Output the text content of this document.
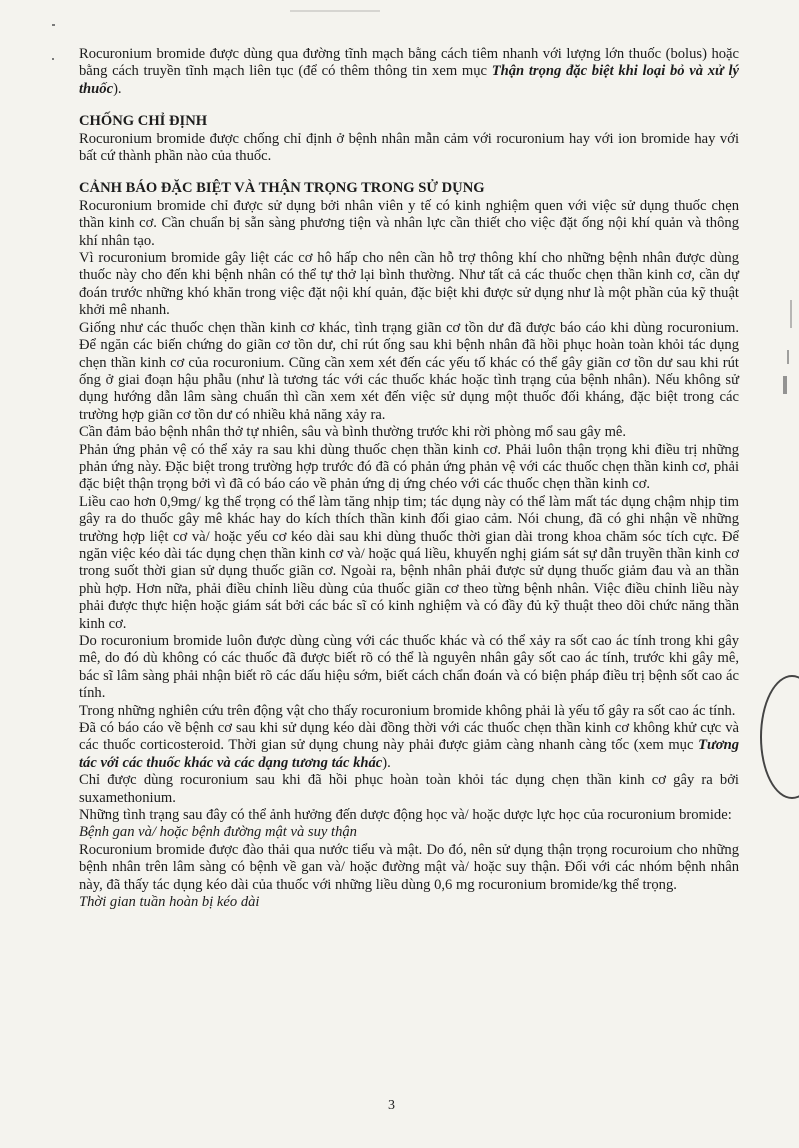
Rocuronium bromide được dùng qua đường tĩnh mạch bằng cách tiêm nhanh với lượng lớn thuốc (bolus) hoặc bằng cách truyền tĩnh mạch liên tục (để có thêm thông tin xem mục Thận trọng đặc biệt khi loại bỏ và xử lý thuốc).

CHỐNG CHỈ ĐỊNH

Rocuronium bromide được chống chỉ định ở bệnh nhân mẫn cảm với rocuronium hay với ion bromide hay với bất cứ thành phần nào của thuốc.

CẢNH BÁO ĐẶC BIỆT VÀ THẬN TRỌNG TRONG SỬ DỤNG

Rocuronium bromide chỉ được sử dụng bởi nhân viên y tế có kinh nghiệm quen với việc sử dụng thuốc chẹn thần kinh cơ. Cần chuẩn bị sẵn sàng phương tiện và nhân lực cần thiết cho việc đặt ống nội khí quản và thông khí nhân tạo.

Vì rocuronium bromide gây liệt các cơ hô hấp cho nên cần hỗ trợ thông khí cho những bệnh nhân được dùng thuốc này cho đến khi bệnh nhân có thể tự thở lại bình thường. Như tất cả các thuốc chẹn thần kinh cơ, cần dự đoán trước những khó khăn trong việc đặt nội khí quản, đặc biệt khi được sử dụng như là một phần của kỹ thuật khởi mê nhanh.

Giống như các thuốc chẹn thần kinh cơ khác, tình trạng giãn cơ tồn dư đã được báo cáo khi dùng rocuronium. Để ngăn các biến chứng do giãn cơ tồn dư, chỉ rút ống sau khi bệnh nhân đã hồi phục hoàn toàn khỏi tác dụng chẹn thần kinh cơ của rocuronium. Cũng cần xem xét đến các yếu tố khác có thể gây giãn cơ tồn dư sau khi rút ống ở giai đoạn hậu phẫu (như là tương tác với các thuốc khác hoặc tình trạng của bệnh nhân). Nếu không sử dụng hướng dẫn lâm sàng chuẩn thì cần xem xét đến việc sử dụng một thuốc đối kháng, đặc biệt trong các trường hợp giãn cơ tồn dư có nhiều khả năng xảy ra.

Cần đảm bảo bệnh nhân thở tự nhiên, sâu và bình thường trước khi rời phòng mổ sau gây mê.

Phản ứng phản vệ có thể xảy ra sau khi dùng thuốc chẹn thần kinh cơ. Phải luôn thận trọng khi điều trị những phản ứng này. Đặc biệt trong trường hợp trước đó đã có phản ứng phản vệ với các thuốc chẹn thần kinh cơ, phải đặc biệt thận trọng bởi vì đã có báo cáo về phản ứng dị ứng chéo với các thuốc chẹn thần kinh cơ.

Liều cao hơn 0,9mg/ kg thể trọng có thể làm tăng nhịp tim; tác dụng này có thể làm mất tác dụng chậm nhịp tim gây ra do thuốc gây mê khác hay do kích thích thần kinh đối giao cảm. Nói chung, đã có ghi nhận về những trường hợp liệt cơ và/ hoặc yếu cơ kéo dài sau khi dùng thuốc thời gian dài trong khoa chăm sóc tích cực. Để ngăn việc kéo dài tác dụng chẹn thần kinh cơ và/ hoặc quá liều, khuyến nghị giám sát sự dẫn truyền thần kinh cơ trong suốt thời gian sử dụng thuốc giãn cơ. Ngoài ra, bệnh nhân phải được sử dụng thuốc giảm đau và an thần phù hợp. Hơn nữa, phải điều chỉnh liều dùng của thuốc giãn cơ theo từng bệnh nhân. Việc điều chỉnh liều này phải được thực hiện hoặc giám sát bởi các bác sĩ có kinh nghiệm và có đầy đủ kỹ thuật theo dõi chức năng thần kinh cơ.

Do rocuronium bromide luôn được dùng cùng với các thuốc khác và có thể xảy ra sốt cao ác tính trong khi gây mê, do đó dù không có các thuốc đã được biết rõ có thể là nguyên nhân gây sốt cao ác tính, trước khi gây mê, bác sĩ lâm sàng phải nhận biết rõ các dấu hiệu sớm, biết cách chẩn đoán và có biện pháp điều trị bệnh sốt cao ác tính.

Trong những nghiên cứu trên động vật cho thấy rocuronium bromide không phải là yếu tố gây ra sốt cao ác tính.

Đã có báo cáo về bệnh cơ sau khi sử dụng kéo dài đồng thời với các thuốc chẹn thần kinh cơ không khử cực và các thuốc corticosteroid. Thời gian sử dụng chung này phải được giảm càng nhanh càng tốc (xem mục Tương tác với các thuốc khác và các dạng tương tác khác).

Chỉ được dùng rocuronium sau khi đã hồi phục hoàn toàn khỏi tác dụng chẹn thần kinh cơ gây ra bởi suxamethonium.

Những tình trạng sau đây có thể ảnh hưởng đến dược động học và/ hoặc dược lực học của rocuronium bromide:

Bệnh gan và/ hoặc bệnh đường mật và suy thận

Rocuronium bromide được đào thải qua nước tiểu và mật. Do đó, nên sử dụng thận trọng rocuroium cho những bệnh nhân trên lâm sàng có bệnh về gan và/ hoặc đường mật và/ hoặc suy thận. Đối với các nhóm bệnh nhân này, đã thấy tác dụng kéo dài của thuốc với những liều dùng 0,6 mg rocuronium bromide/kg thể trọng.

Thời gian tuần hoàn bị kéo dài

3
